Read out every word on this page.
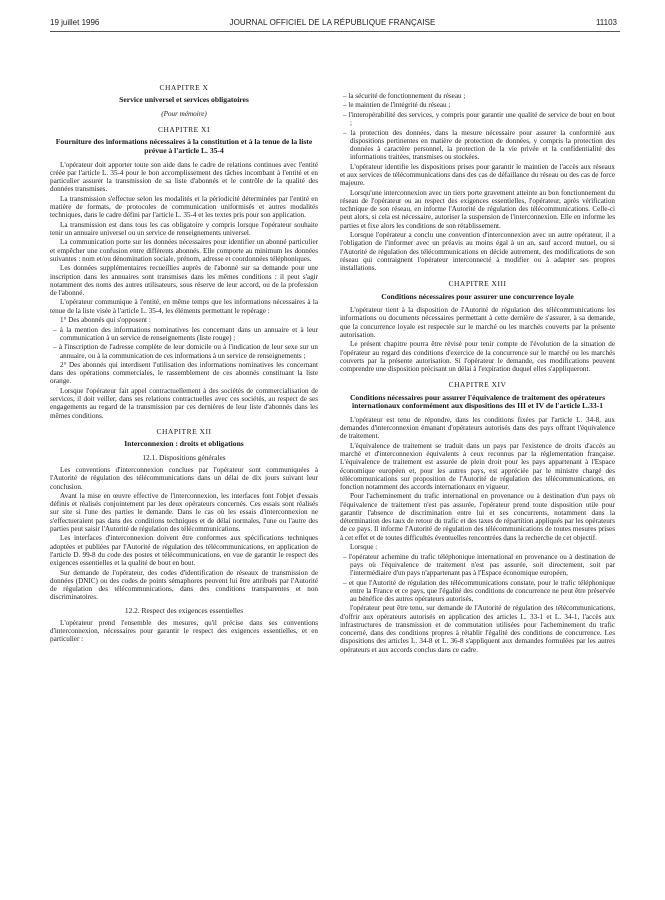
19 juillet 1996	JOURNAL OFFICIEL DE LA RÉPUBLIQUE FRANÇAISE	11103
CHAPITRE X
Service universel et services obligatoires
(Pour mémoire)
CHAPITRE XI
Fourniture des informations nécessaires à la constitution et à la tenue de la liste prévue à l'article L. 35-4

L'opérateur doit apporter toute son aide dans le cadre de relations continues avec l'entité créée par l'article L. 35-4 pour le bon accomplissement des tâches incombant à l'entité et en particulier assurer la transmission de sa liste d'abonnés et le contrôle de la qualité des données transmises.

La transmission s'effectue selon les modalités et la périodicité déterminées par l'entité en matière de formats, de protocoles de communication uniformisés et autres modalités techniques, dans le cadre défini par l'article L. 35-4 et les textes pris pour son application.

La transmission est dans tous les cas obligatoire y compris lorsque l'opérateur souhaite tenir un annuaire universel ou un service de renseignements universel.

La communication porte sur les données nécessaires pour identifier un abonné particulier et empêcher une confusion entre différents abonnés. Elle comporte au minimum les données suivantes : nom et/ou dénomination sociale, prénom, adresse et coordonnées téléphoniques.

Les données supplémentaires recueillies auprès de l'abonné sur sa demande pour une inscription dans les annuaires sont transmises dans les mêmes conditions : il peut s'agir notamment des noms des autres utilisateurs, sous réserve de leur accord, ou de la profession de l'abonné.

L'opérateur communique à l'entité, en même temps que les informations nécessaires à la tenue de la liste visée à l'article L. 35-4, les éléments permettant le repérage :

1° Des abonnés qui s'opposent :

– à la mention des informations nominatives les concernant dans un annuaire et à leur communication à un service de renseignements (liste rouge) ;

– à l'inscription de l'adresse complète de leur domicile ou à l'indication de leur sexe sur un annuaire, ou à la communication de ces informations à un service de renseignements ;

2° Des abonnés qui interdisent l'utilisation des informations nominatives les concernant dans des opérations commerciales, le rassemblement de ces abonnés constituant la liste orange.

Lorsque l'opérateur fait appel contractuellement à des sociétés de commercialisation de services, il doit veiller, dans ses relations contractuelles avec ces sociétés, au respect de ses engagements au regard de la transmission par ces dernières de leur liste d'abonnés dans les mêmes conditions.

CHAPITRE XII
Interconnexion : droits et obligations
12.1. Dispositions générales

Les conventions d'interconnexion conclues par l'opérateur sont communiquées à l'Autorité de régulation des télécommunications dans un délai de dix jours suivant leur conclusion.

Avant la mise en œuvre effective de l'interconnexion, les interfaces font l'objet d'essais définis et réalisés conjointement par les deux opérateurs concernés. Ces essais sont réalisés sur site si l'une des parties le demande. Dans le cas où les essais d'interconnexion ne s'effectueraient pas dans des conditions techniques et de délai normales, l'une ou l'autre des parties peut saisir l'Autorité de régulation des télécommunications.

Les interfaces d'interconnexion doivent être conformes aux spécifications techniques adoptées et publiées par l'Autorité de régulation des télécommunications, en application de l'article D. 99-8 du code des postes et télécommunications, en vue de garantir le respect des exigences essentielles et la qualité de bout en bout.

Sur demande de l'opérateur, des codes d'identification de réseaux de transmission de données (DNIC) ou des codes de points sémaphores peuvent lui être attribués par l'Autorité de régulation des télécommunications, dans des conditions transparentes et non discriminatoires.

12.2. Respect des exigences essentielles

L'opérateur prend l'ensemble des mesures, qu'il précise dans ses conventions d'interconnexion, nécessaires pour garantir le respect des exigences essentielles, et en particulier :

– la sécurité de fonctionnement du réseau ;

– le maintien de l'intégrité du réseau ;

– l'interopérabilité des services, y compris pour garantir une qualité de service de bout en bout ;

– la protection des données, dans la mesure nécessaire pour assurer la conformité aux dispositions pertinentes en matière de protection de données, y compris la protection des données à caractère personnel, la protection de la vie privée et la confidentialité des informations traitées, transmises ou stockées.

L'opérateur identifie les dispositions prises pour garantir le maintien de l'accès aux réseaux et aux services de télécommunications dans des cas de défaillance du réseau ou des cas de force majeure.

Lorsqu'une interconnexion avec un tiers porte gravement atteinte au bon fonctionnement du réseau de l'opérateur ou au respect des exigences essentielles, l'opérateur, après vérification technique de son réseau, en informe l'Autorité de régulation des télécommunications. Celle-ci peut alors, si cela est nécessaire, autoriser la suspension de l'interconnexion. Elle en informe les parties et fixe alors les conditions de son rétablissement.

Lorsque l'opérateur a conclu une convention d'interconnexion avec un autre opérateur, il a l'obligation de l'informer avec un préavis au moins égal à un an, sauf accord mutuel, ou si l'Autorité de régulation des télécommunications en décide autrement, des modifications de son réseau qui contraignent l'opérateur interconnecté à modifier ou à adapter ses propres installations.

CHAPITRE XIII
Conditions nécessaires pour assurer une concurrence loyale

L'opérateur tient à la disposition de l'Autorité de régulation des télécommunications les informations ou documents nécessaires permettant à cette dernière de s'assurer, à sa demande, que la concurrence loyale est respectée sur le marché ou les marchés couverts par la présente autorisation.

Le présent chapitre pourra être révisé pour tenir compte de l'évolution de la situation de l'opérateur au regard des conditions d'exercice de la concurrence sur le marché ou les marchés couverts par la présente autorisation. Si l'opérateur le demande, ces modifications peuvent comprendre une disposition précisant un délai à l'expiration duquel elles s'appliqueront.

CHAPITRE XIV
Conditions nécessaires pour assurer l'équivalence de traitement des opérateurs internationaux conformément aux dispositions des III et IV de l'article L.33-1

L'opérateur est tenu de répondre, dans les conditions fixées par l'article L. 34-8, aux demandes d'interconnexion émanant d'opérateurs autorisés dans des pays offrant l'équivalence de traitement.

L'équivalence de traitement se traduit dans un pays par l'existence de droits d'accès au marché et d'interconnexion équivalents à ceux reconnus par la réglementation française. L'équivalence de traitement est assurée de plein droit pour les pays appartenant à l'Espace économique européen et, pour les autres pays, est appréciée par le ministre chargé des télécommunications sur proposition de l'Autorité de régulation des télécommunications, en fonction notamment des accords internationaux en vigueur.

Pour l'acheminement du trafic international en provenance ou à destination d'un pays où l'équivalence de traitement n'est pas assurée, l'opérateur prend toute disposition utile pour garantir l'absence de discrimination entre lui et ses concurrents, notamment dans la détermination des taux de retour du trafic et des taxes de répartition appliqués par les opérateurs de ce pays. Il informe l'Autorité de régulation des télécommunications de toutes mesures prises à cet effet et de toutes difficultés éventuelles rencontrées dans la recherche de cet objectif.

Lorsque :

– l'opérateur achemine du trafic téléphonique international en provenance ou à destination de pays où l'équivalence de traitement n'est pas assurée, soit directement, soit par l'intermédiaire d'un pays n'appartenant pas à l'Espace économique européen,

– et que l'Autorité de régulation des télécommunications constate, pour le trafic téléphonique entre la France et ce pays, que l'égalité des conditions de concurrence ne peut être préservée au bénéfice des autres opérateurs autorisés,

l'opérateur peut être tenu, sur demande de l'Autorité de régulation des télécommunications, d'offrir aux opérateurs autorisés en application des articles L. 33-1 et L. 34-1, l'accès aux infrastructures de transmission et de commutation utilisées pour l'acheminement du trafic concerné, dans des conditions propres à rétablir l'égalité des conditions de concurrence. Les dispositions des articles L. 34-8 et L. 36-8 s'appliquent aux demandes formulées par les autres opérateurs et aux accords conclus dans ce cadre.
